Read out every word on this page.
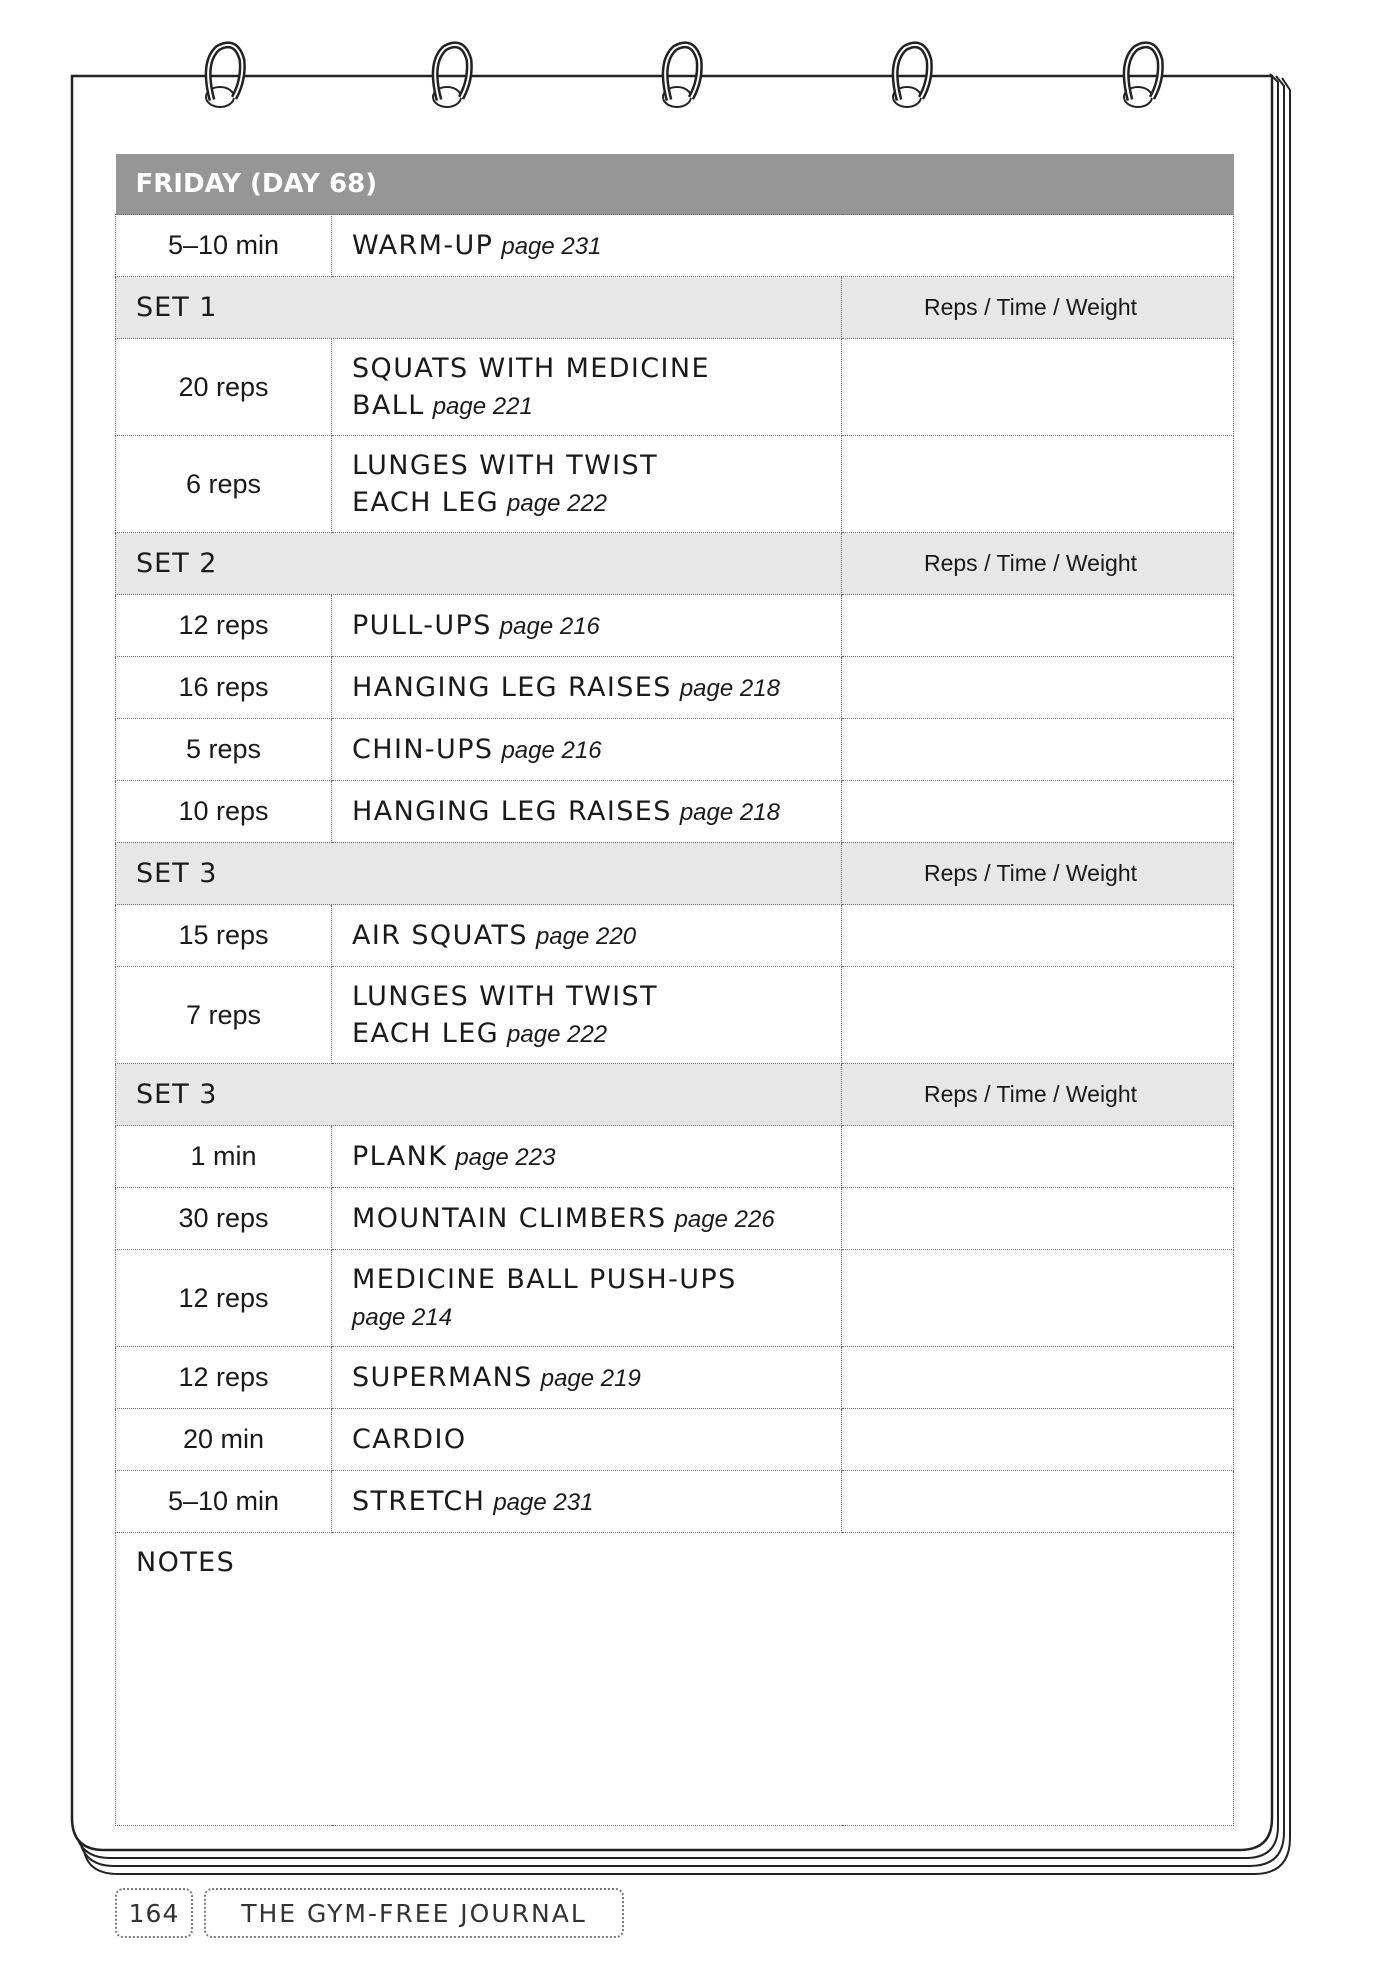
FRIDAY (DAY 68)		
5–10 min	WARM-UP page 231	
SET 1		Reps / Time / Weight
20 reps	SQUATS WITH MEDICINE
BALL page 221	
6 reps	LUNGES WITH TWIST
EACH LEG page 222	
SET 2		Reps / Time / Weight
12 reps	PULL-UPS page 216	
16 reps	HANGING LEG RAISES page 218	
5 reps	CHIN-UPS page 216	
10 reps	HANGING LEG RAISES page 218	
SET 3		Reps / Time / Weight
15 reps	AIR SQUATS page 220	
7 reps	LUNGES WITH TWIST
EACH LEG page 222	
SET 3		Reps / Time / Weight
1 min	PLANK page 223	
30 reps	MOUNTAIN CLIMBERS page 226	
12 reps	MEDICINE BALL PUSH-UPS
page 214	
12 reps	SUPERMANS page 219	
20 min	CARDIO	
5–10 min	STRETCH page 231	
NOTES		
164	THE GYM-FREE JOURNAL
